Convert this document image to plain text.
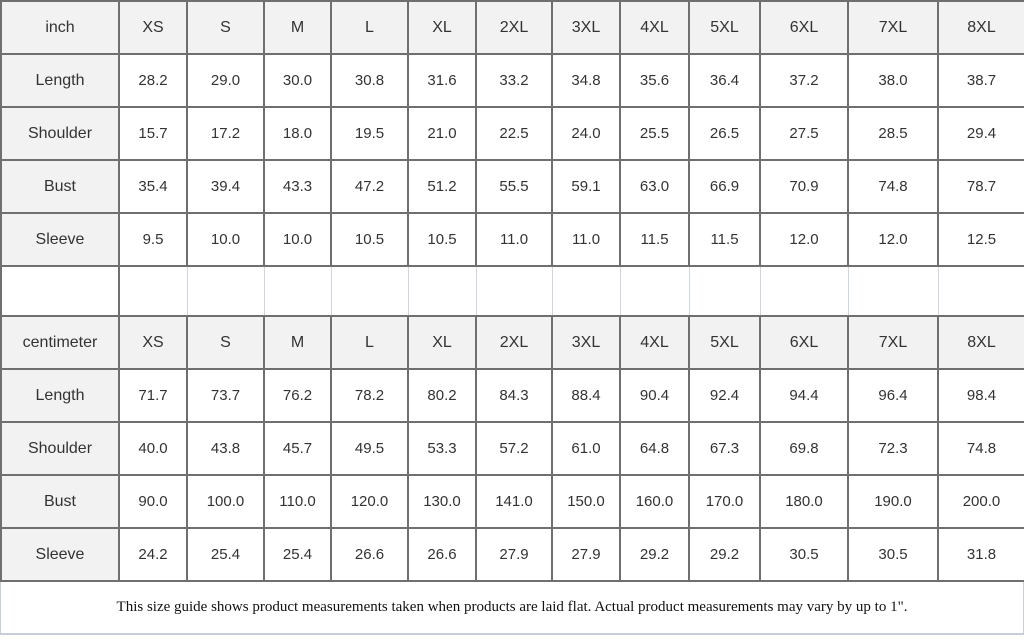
inch	XS	S	M	L	XL	2XL	3XL	4XL	5XL	6XL	7XL	8XL
Length	28.2	29.0	30.0	30.8	31.6	33.2	34.8	35.6	36.4	37.2	38.0	38.7
Shoulder	15.7	17.2	18.0	19.5	21.0	22.5	24.0	25.5	26.5	27.5	28.5	29.4
Bust	35.4	39.4	43.3	47.2	51.2	55.5	59.1	63.0	66.9	70.9	74.8	78.7
Sleeve	9.5	10.0	10.0	10.5	10.5	11.0	11.0	11.5	11.5	12.0	12.0	12.5

centimeter	XS	S	M	L	XL	2XL	3XL	4XL	5XL	6XL	7XL	8XL
Length	71.7	73.7	76.2	78.2	80.2	84.3	88.4	90.4	92.4	94.4	96.4	98.4
Shoulder	40.0	43.8	45.7	49.5	53.3	57.2	61.0	64.8	67.3	69.8	72.3	74.8
Bust	90.0	100.0	110.0	120.0	130.0	141.0	150.0	160.0	170.0	180.0	190.0	200.0
Sleeve	24.2	25.4	25.4	26.6	26.6	27.9	27.9	29.2	29.2	30.5	30.5	31.8
This size guide shows product measurements taken when products are laid flat. Actual product measurements may vary by up to 1".
